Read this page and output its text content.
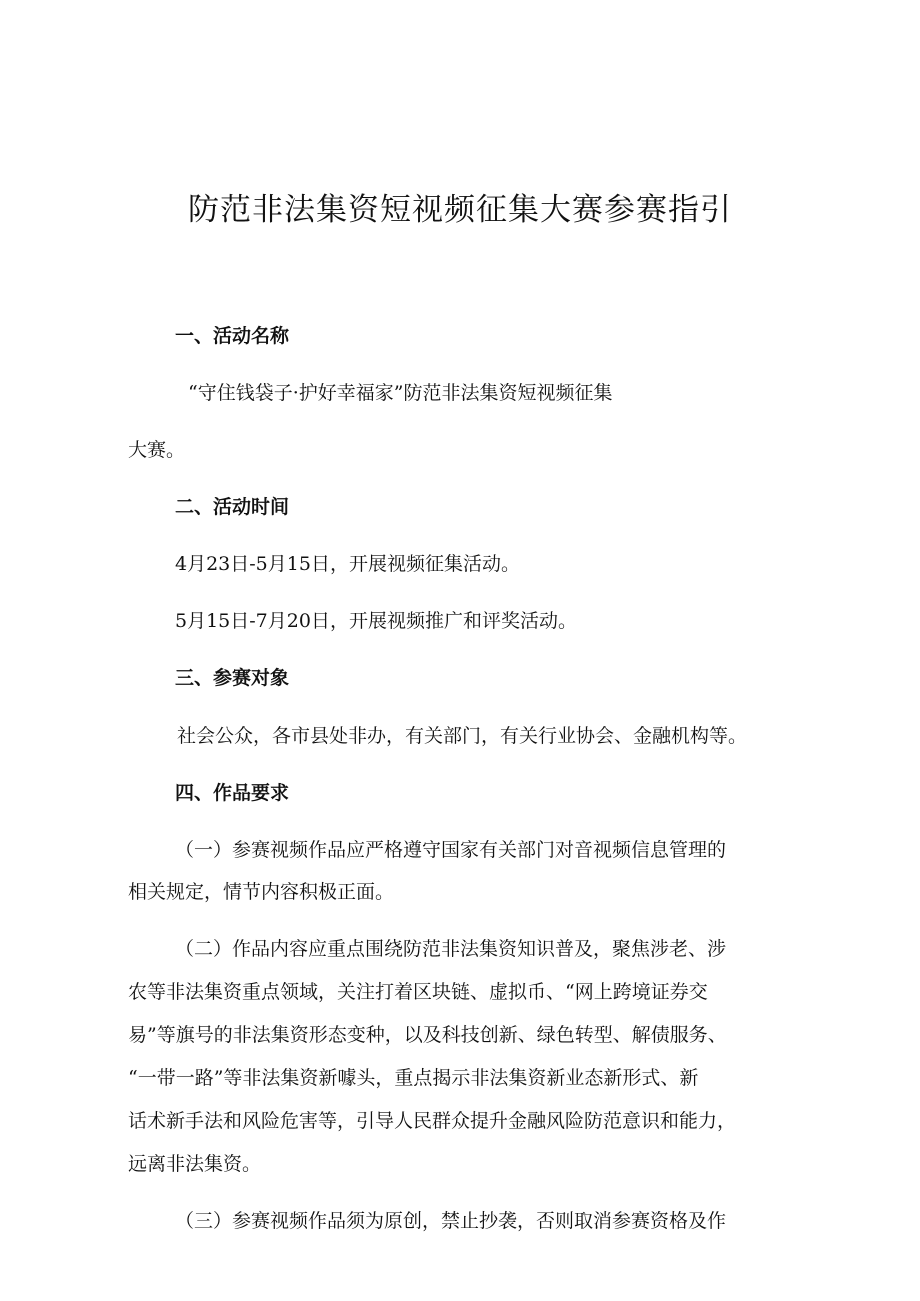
防范非法集资短视频征集大赛参赛指引
一、活动名称

“守住钱袋子·护好幸福家”防范非法集资短视频征集

大赛。

二、活动时间

4月23日-5月15日，开展视频征集活动。

5月15日-7月20日，开展视频推广和评奖活动。

三、参赛对象

社会公众，各市县处非办，有关部门，有关行业协会、金融机构等。

四、作品要求

（一）参赛视频作品应严格遵守国家有关部门对音视频信息管理的

相关规定，情节内容积极正面。

（二）作品内容应重点围绕防范非法集资知识普及，聚焦涉老、涉

农等非法集资重点领域，关注打着区块链、虚拟币、“网上跨境证券交

易”等旗号的非法集资形态变种，以及科技创新、绿色转型、解债服务、

“一带一路”等非法集资新噱头，重点揭示非法集资新业态新形式、新

话术新手法和风险危害等，引导人民群众提升金融风险防范意识和能力，

远离非法集资。

（三）参赛视频作品须为原创，禁止抄袭，否则取消参赛资格及作
